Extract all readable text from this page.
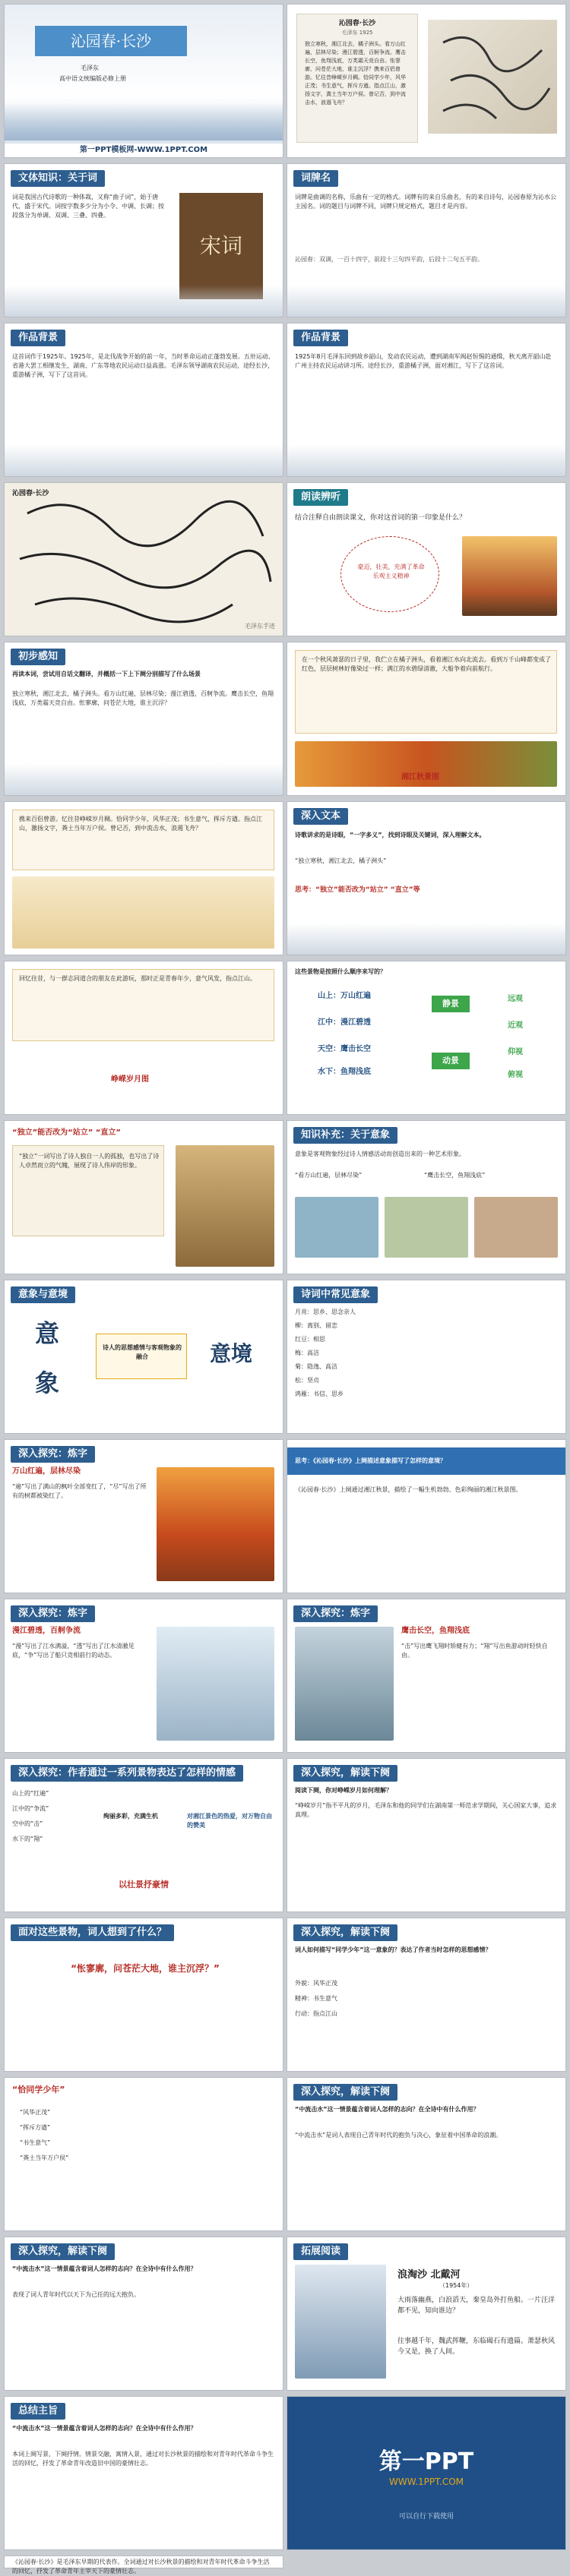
沁园春·长沙
毛泽东
高中语文统编版必修上册
第一PPT模板网-WWW.1PPT.COM
沁园春·长沙
毛泽东 1925
独立寒秋，湘江北去，橘子洲头。看万山红遍，层林尽染；漫江碧透，百舸争流。鹰击长空，鱼翔浅底，万类霜天竞自由。怅寥廓，问苍茫大地，谁主沉浮？携来百侣曾游。忆往昔峥嵘岁月稠。恰同学少年，风华正茂；书生意气，挥斥方遒。指点江山，激扬文字，粪土当年万户侯。曾记否，到中流击水，浪遏飞舟？
文体知识：关于词
词是我国古代诗歌的一种体裁，又称“曲子词”，始于唐代，盛于宋代。词按字数多少分为小令、中调、长调；按段落分为单调、双调、三叠、四叠。
宋词
词牌名
词牌是曲调的名称，乐曲有一定的格式。词牌有的来自乐曲名，有的来自诗句，沁园春原为沁水公主园名。词的题目与词牌不同，词牌只规定格式，题目才是内容。
沁园春：双调，一百十四字，前段十三句四平韵，后段十二句五平韵。
作品背景
这首词作于1925年。1925年，是北伐战争开始的前一年，当时革命运动正蓬勃发展。五卅运动、省港大罢工相继发生，湖南、广东等地农民运动日益高涨。毛泽东领导湖南农民运动，途经长沙，重游橘子洲，写下了这首词。
作品背景
1925年8月毛泽东回到故乡韶山，发动农民运动，遭到湖南军阀赵恒惕的通缉，秋天离开韶山赴广州主持农民运动讲习所。途经长沙，重游橘子洲，面对湘江，写下了这首词。
沁园春·长沙
毛泽东手迹
朗读辨听
结合注释自由朗读课文，你对这首词的第一印象是什么？
豪迈，壮美，充满了革命乐观主义精神
初步感知
再读本词，尝试用自话文翻译，并概括一下上下阕分别描写了什么场景
独立寒秋，湘江北去，橘子洲头。看万山红遍，层林尽染；漫江碧透，百舸争流。鹰击长空，鱼翔浅底，万类霜天竞自由。怅寥廓，问苍茫大地，谁主沉浮？
在一个秋风萧瑟的日子里，我伫立在橘子洲头，看着湘江水向北流去。看到万千山峰都变成了红色，层层树林好像染过一样；满江的水碧绿清澈，大船争着向前航行。
湘江秋景图
携来百侣曾游。忆往昔峥嵘岁月稠。恰同学少年，风华正茂；书生意气，挥斥方遒。指点江山，激扬文字，粪土当年万户侯。曾记否，到中流击水，浪遏飞舟？
深入文本
诗歌讲求的是诗眼，“一字多义”，找到诗眼及关键词，深入理解文本。
“独立寒秋，湘江北去，橘子洲头”
思考：“独立”能否改为“站立” “直立”等
回忆往昔，与一群志同道合的朋友在此游玩，那时正是青春年少，意气风发，指点江山。
峥嵘岁月图
这些景物是按照什么顺序来写的？
山上：万山红遍
江中：漫江碧透
天空：鹰击长空
水下：鱼翔浅底
静景
动景
远观
近观
仰视
俯视
“独立”能否改为“站立” “直立”
“独立”一词写出了诗人独自一人的孤独，也写出了诗人卓然而立的气魄，展现了诗人伟岸的形象。
知识补充：关于意象
意象是客观物象经过诗人情感活动而创造出来的一种艺术形象。
“看万山红遍，层林尽染”	“鹰击长空，鱼翔浅底”
意象与意境
意
象
诗人的思想感情与客观物象的融合	意境
诗词中常见意象
月亮：思乡、思念亲人
柳：离别、留恋
红豆：相思
梅：高洁
菊：隐逸、高洁
松：坚贞
鸿雁：书信、思乡
深入探究：炼字
万山红遍，层林尽染
“遍”写出了满山的枫叶全部变红了，“尽”写出了所有的树都被染红了。
思考：《沁园春·长沙》上阕描述意象描写了怎样的意境？
《沁园春·长沙》上阕通过湘江秋景，描绘了一幅生机勃勃、色彩绚丽的湘江秋景图。
深入探究：炼字
漫江碧透，百舸争流
“漫”写出了江水满溢，“透”写出了江水清澈见底，“争”写出了船只竞相前行的动态。
深入探究：炼字
鹰击长空，鱼翔浅底
“击”写出鹰飞翔时矫健有力；“翔”写出鱼游动时轻快自由。
深入探究：作者通过一系列景物表达了怎样的情感
山上的“红遍”
江中的“争流”
空中的“击”
水下的“翔”
绚丽多彩，充满生机	对湘江景色的热爱，对万物自由的赞美
以壮景抒豪情
深入探究，解读下阕
阅读下阕，你对峥嵘岁月如何理解？
“峥嵘岁月”指不平凡的岁月，毛泽东和他的同学们在湖南第一师范求学期间，关心国家大事，追求真理。
面对这些景物，词人想到了什么？
“怅寥廓，问苍茫大地，谁主沉浮？”
深入探究，解读下阕
词人如何描写“同学少年”这一意象的？表达了作者当时怎样的思想感情？
外貌：风华正茂
精神：书生意气
行动：指点江山
“恰同学少年”
“风华正茂”
“挥斥方遒”
“书生意气”
“粪土当年万户侯”
深入探究，解读下阕
“中流击水”这一情景蕴含着词人怎样的志向？在全诗中有什么作用？
“中流击水”是词人表现自己青年时代的抱负与决心，象征着中国革命的浪潮。
深入探究，解读下阕
“中流击水”这一情景蕴含着词人怎样的志向？在全诗中有什么作用？
表现了词人青年时代以天下为己任的远大抱负。
拓展阅读
浪淘沙 北戴河
（1954年）
大雨落幽燕，白浪滔天，秦皇岛外打鱼船。一片汪洋都不见，知向谁边？
往事越千年，魏武挥鞭，东临碣石有遗篇。萧瑟秋风今又是，换了人间。
总结主旨
“中流击水”这一情景蕴含着词人怎样的志向？在全诗中有什么作用？
本词上阕写景，下阕抒情。情景交融，寓情入景，通过对长沙秋景的描绘和对青年时代革命斗争生活的回忆，抒发了革命青年改造旧中国的豪情壮志。	第一PPT
WWW.1PPT.COM
可以自行下载使用
《沁园春·长沙》是毛泽东早期的代表作。全词通过对长沙秋景的描绘和对青年时代革命斗争生活的回忆，抒发了革命青年主宰天下的豪情壮志。
